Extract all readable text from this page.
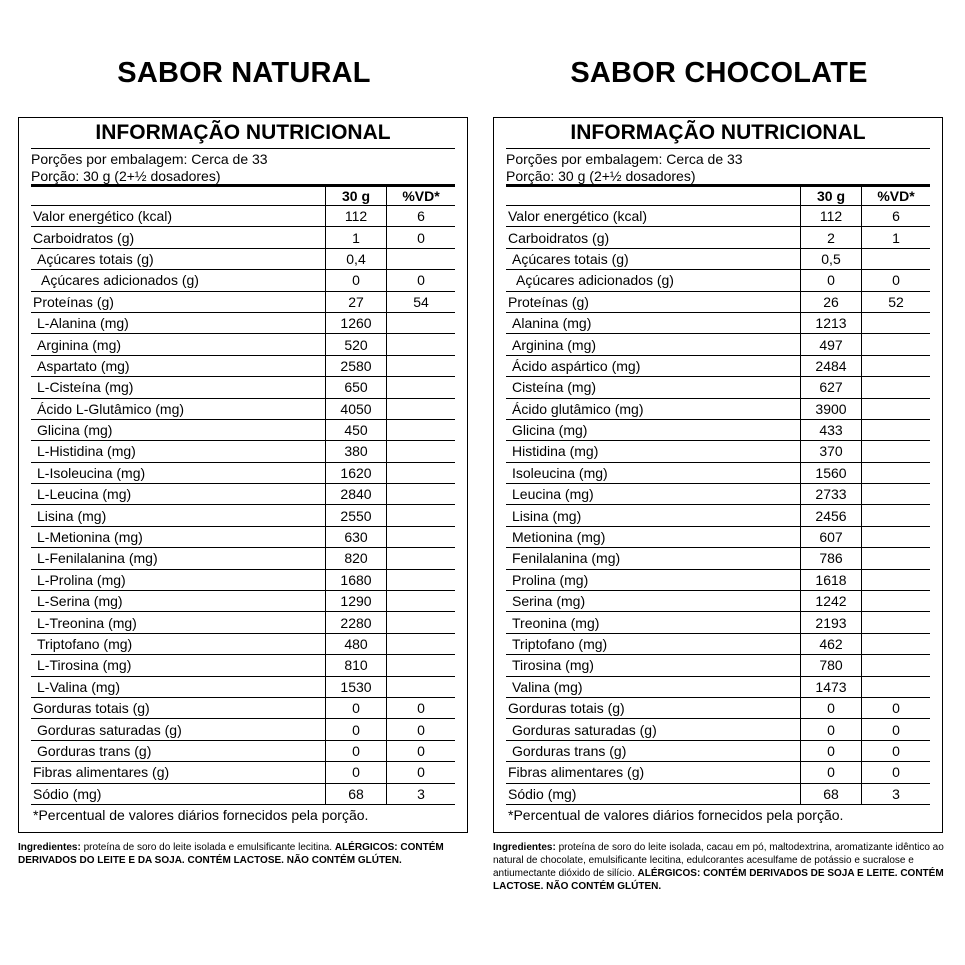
SABOR NATURAL
INFORMAÇÃO NUTRICIONAL
Porções por embalagem: Cerca de 33
Porção: 30 g (2+½ dosadores)
	30 g	%VD*
Valor energético (kcal)	112	6
Carboidratos (g)	1	0
Açúcares totais (g)	0,4	
Açúcares adicionados (g)	0	0
Proteínas (g)	27	54
L-Alanina (mg)	1260	
Arginina (mg)	520	
Aspartato (mg)	2580	
L-Cisteína (mg)	650	
Ácido L-Glutâmico (mg)	4050	
Glicina (mg)	450	
L-Histidina (mg)	380	
L-Isoleucina (mg)	1620	
L-Leucina (mg)	2840	
Lisina (mg)	2550	
L-Metionina (mg)	630	
L-Fenilalanina (mg)	820	
L-Prolina (mg)	1680	
L-Serina (mg)	1290	
L-Treonina (mg)	2280	
Triptofano (mg)	480	
L-Tirosina (mg)	810	
L-Valina (mg)	1530	
Gorduras totais (g)	0	0
Gorduras saturadas (g)	0	0
Gorduras trans (g)	0	0
Fibras alimentares (g)	0	0
Sódio (mg)	68	3
*Percentual de valores diários fornecidos pela porção.
Ingredientes: proteína de soro do leite isolada e emulsificante lecitina. ALÉRGICOS: CONTÉM DERIVADOS DO LEITE E DA SOJA. CONTÉM LACTOSE. NÃO CONTÉM GLÚTEN.
SABOR CHOCOLATE
INFORMAÇÃO NUTRICIONAL
Porções por embalagem: Cerca de 33
Porção: 30 g (2+½ dosadores)
	30 g	%VD*
Valor energético (kcal)	112	6
Carboidratos (g)	2	1
Açúcares totais (g)	0,5	
Açúcares adicionados (g)	0	0
Proteínas (g)	26	52
Alanina (mg)	1213	
Arginina (mg)	497	
Ácido aspártico (mg)	2484	
Cisteína (mg)	627	
Ácido glutâmico (mg)	3900	
Glicina (mg)	433	
Histidina (mg)	370	
Isoleucina (mg)	1560	
Leucina (mg)	2733	
Lisina (mg)	2456	
Metionina (mg)	607	
Fenilalanina (mg)	786	
Prolina (mg)	1618	
Serina (mg)	1242	
Treonina (mg)	2193	
Triptofano (mg)	462	
Tirosina (mg)	780	
Valina (mg)	1473	
Gorduras totais (g)	0	0
Gorduras saturadas (g)	0	0
Gorduras trans (g)	0	0
Fibras alimentares (g)	0	0
Sódio (mg)	68	3
*Percentual de valores diários fornecidos pela porção.
Ingredientes: proteína de soro do leite isolada, cacau em pó, maltodextrina, aromatizante idêntico ao natural de chocolate, emulsificante lecitina, edulcorantes acesulfame de potássio e sucralose e antiumectante dióxido de silício. ALÉRGICOS: CONTÉM DERIVADOS DE SOJA E LEITE. CONTÉM LACTOSE. NÃO CONTÉM GLÚTEN.
